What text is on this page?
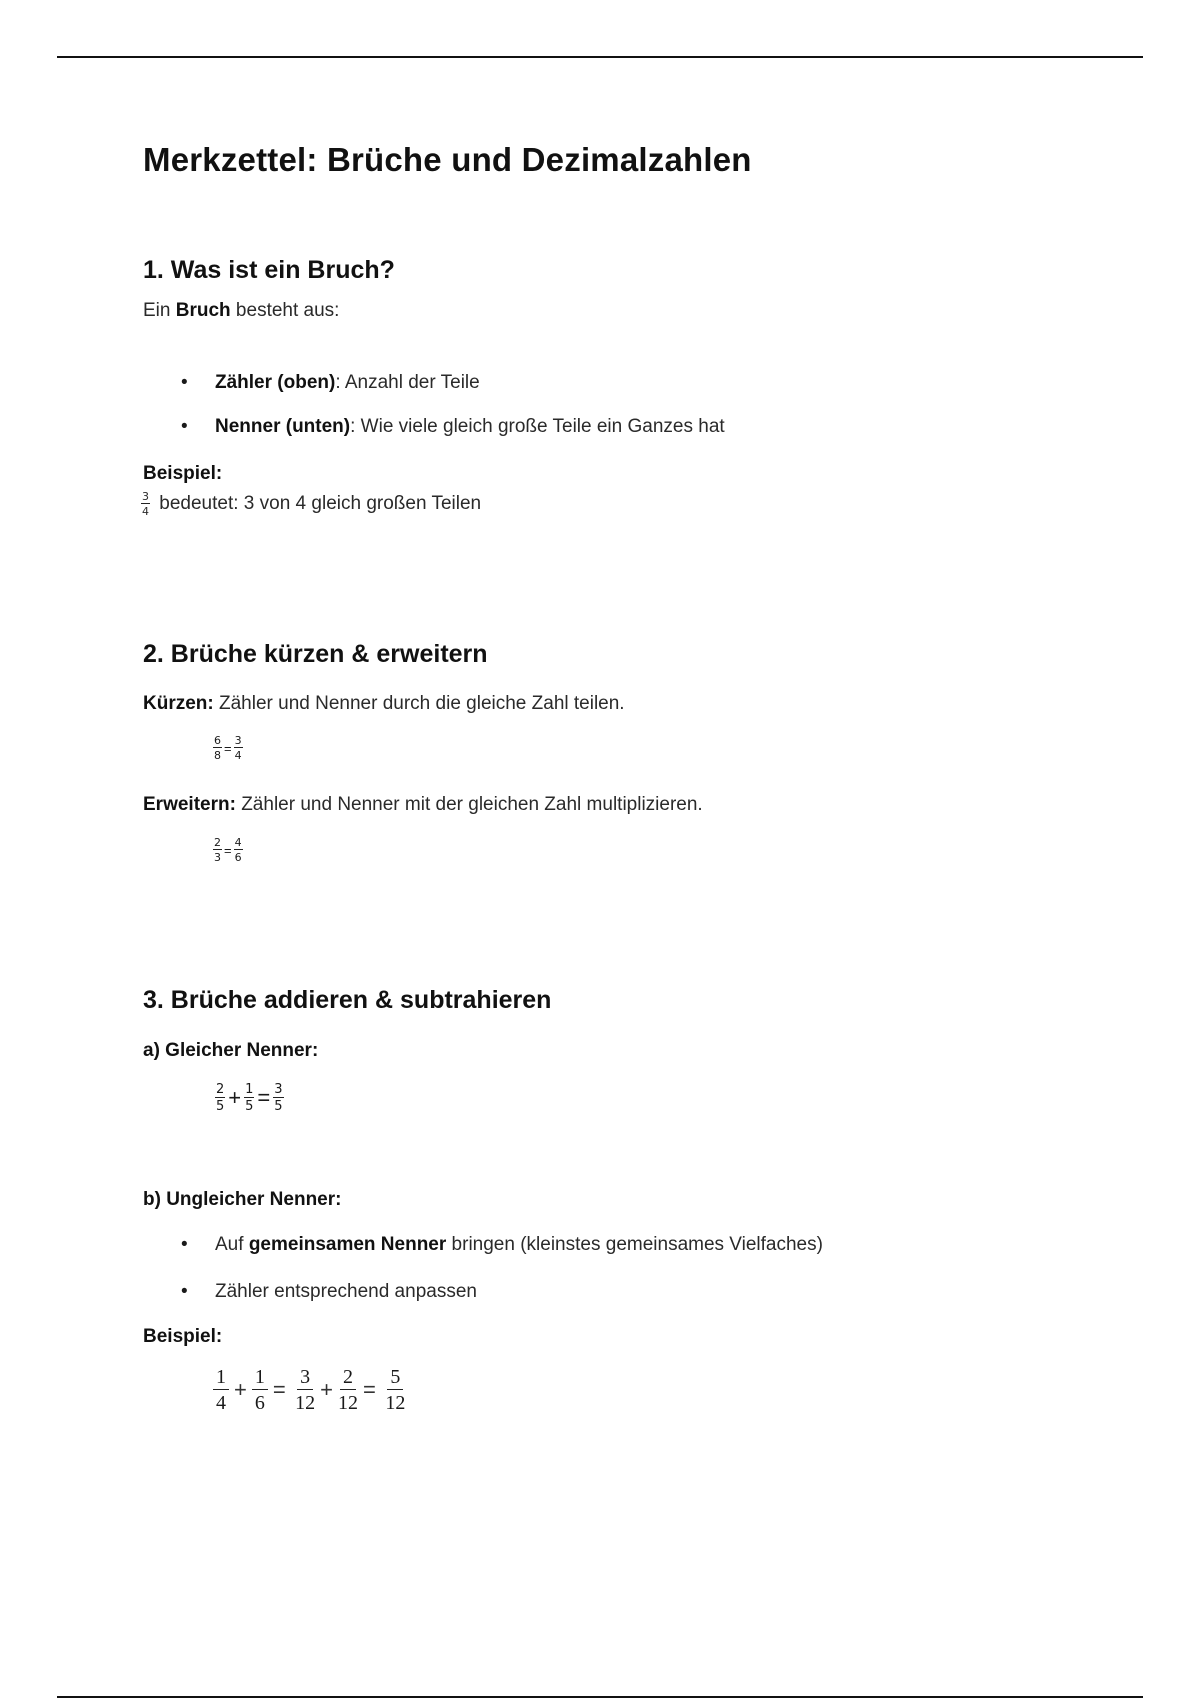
Merkzettel: Brüche und Dezimalzahlen
1. Was ist ein Bruch?
Ein Bruch besteht aus:
• Zähler (oben): Anzahl der Teile
• Nenner (unten): Wie viele gleich große Teile ein Ganzes hat
Beispiel:
$\frac{3}{4}$ bedeutet: 3 von 4 gleich großen Teilen
2. Brüche kürzen & erweitern
Kürzen: Zähler und Nenner durch die gleiche Zahl teilen.
$\frac{6}{8} = \frac{3}{4}$
Erweitern: Zähler und Nenner mit der gleichen Zahl multiplizieren.
$\frac{2}{3} = \frac{4}{6}$
3. Brüche addieren & subtrahieren
a) Gleicher Nenner:
$\frac{2}{5} + \frac{1}{5} = \frac{3}{5}$
b) Ungleicher Nenner:
• Auf gemeinsamen Nenner bringen (kleinstes gemeinsames Vielfaches)
• Zähler entsprechend anpassen
Beispiel:
$\frac{1}{4} + \frac{1}{6} = \frac{3}{12} + \frac{2}{12} = \frac{5}{12}$
